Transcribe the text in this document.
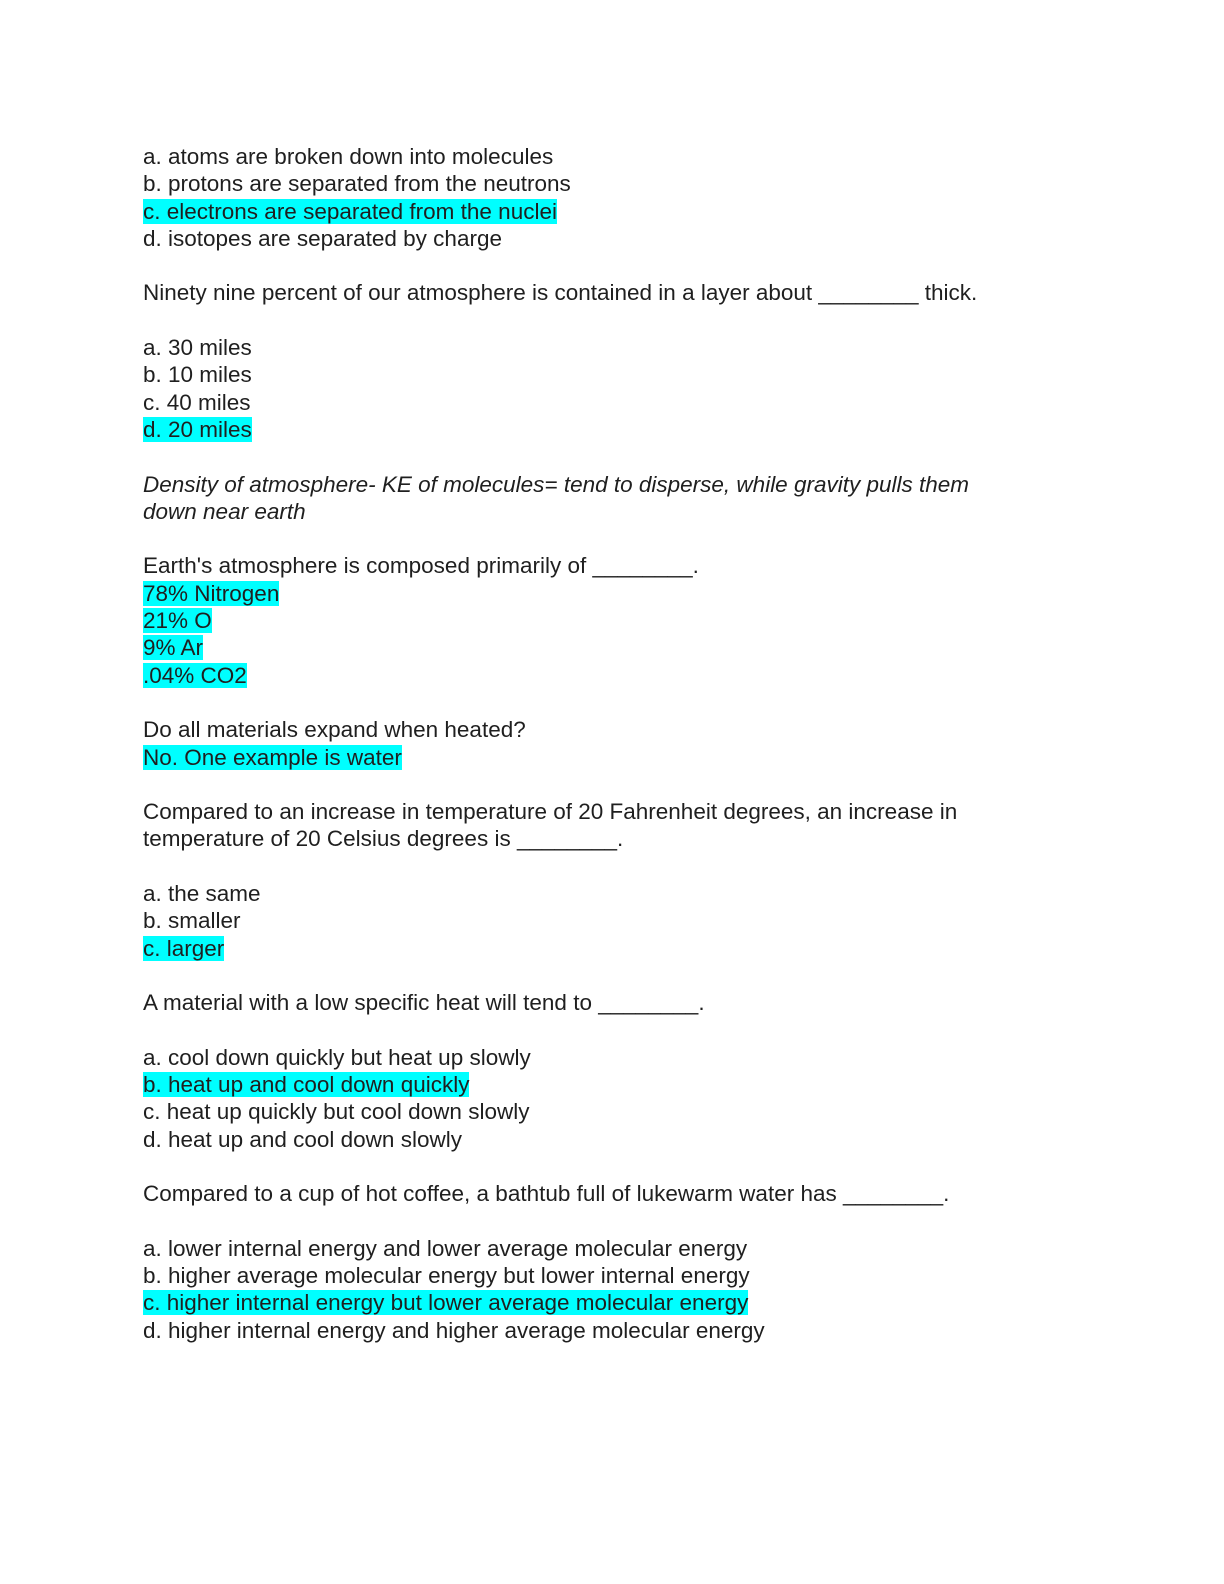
a. atoms are broken down into molecules
b. protons are separated from the neutrons
c. electrons are separated from the nuclei
d. isotopes are separated by charge
Ninety nine percent of our atmosphere is contained in a layer about ________ thick.
a. 30 miles
b. 10 miles
c. 40 miles
d. 20 miles
Density of atmosphere- KE of molecules= tend to disperse, while gravity pulls them down near earth
Earth's atmosphere is composed primarily of ________.
78% Nitrogen
21% O
9% Ar
.04% CO2
Do all materials expand when heated?
No. One example is water
Compared to an increase in temperature of 20 Fahrenheit degrees, an increase in temperature of 20 Celsius degrees is ________.
a. the same
b. smaller
c. larger
A material with a low specific heat will tend to ________.
a. cool down quickly but heat up slowly
b. heat up and cool down quickly
c. heat up quickly but cool down slowly
d. heat up and cool down slowly
Compared to a cup of hot coffee, a bathtub full of lukewarm water has ________.
a. lower internal energy and lower average molecular energy
b. higher average molecular energy but lower internal energy
c. higher internal energy but lower average molecular energy
d. higher internal energy and higher average molecular energy
